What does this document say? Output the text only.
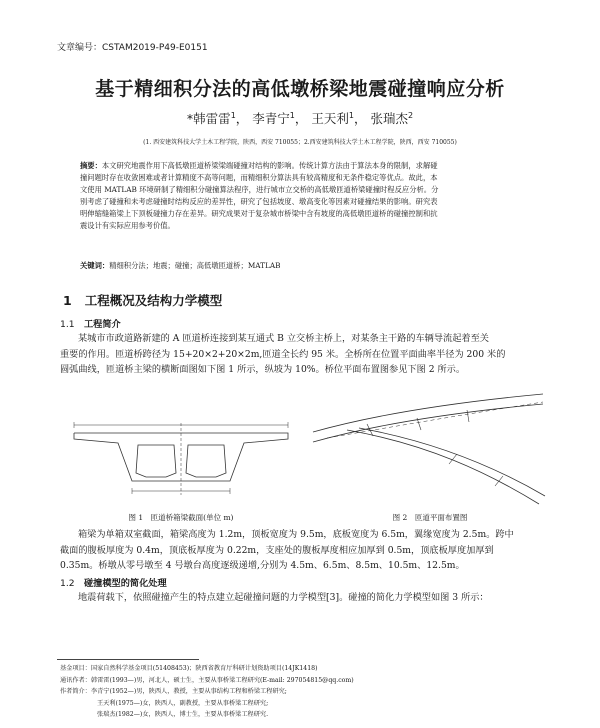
文章编号：CSTAM2019-P49-E0151
基于精细积分法的高低墩桥梁地震碰撞响应分析
*韩雷雷$^1$， 李青宁$^1$， 王天利$^1$， 张瑞杰$^2$
(1. 西安建筑科技大学土木工程学院，陕西，西安 710055；2.西安建筑科技大学土木工程学院，陕西，西安 710055)
摘要：本文研究地震作用下高低墩匝道桥梁梁端碰撞对结构的影响。传统计算方法由于算法本身的限制，求解碰
撞问题时存在收敛困难或者计算精度不高等问题，而精细积分算法具有较高精度和无条件稳定等优点。故此，本
文使用 MATLAB 环境研制了精细积分碰撞算法程序，进行城市立交桥的高低墩匝道桥梁碰撞时程反应分析。分
别考虑了碰撞和未考虑碰撞时结构反应的差异性，研究了包括坡度、墩高变化等因素对碰撞结果的影响。研究表
明伸缩缝箱梁上下顶板碰撞力存在差异。研究成果对于复杂城市桥梁中含有坡度的高低墩匝道桥的碰撞控制和抗
震设计有实际应用参考价值。
关键词：精细积分法；地震；碰撞；高低墩匝道桥；MATLAB
1 工程概况及结构力学模型
1.1 工程简介

某城市市政道路新建的 A 匝道桥连接到某互通式 B 立交桥主桥上，对某条主干路的车辆导流起着至关

重要的作用。匝道桥跨径为 15+20×2+20×2m,匝道全长约 95 米。全桥所在位置平面曲率半径为 200 米的
圆弧曲线，匝道桥主梁的横断面图如下图 1 所示，纵坡为 10%。桥位平面布置图参见下图 2 所示。
图 1　匝道桥箱梁截面(单位 m)	图 2　匝道平面布置图

箱梁为单箱双室截面，箱梁高度为 1.2m，顶板宽度为 9.5m，底板宽度为 6.5m，翼缘宽度为 2.5m。跨中

截面的腹板厚度为 0.4m，顶底板厚度为 0.22m，支座处的腹板厚度相应加厚到 0.5m，顶底板厚度加厚到
0.35m。桥墩从零号墩至 4 号墩台高度逐级递增,分别为 4.5m、6.5m、8.5m、10.5m、12.5m。
1.2 碰撞模型的简化处理

地震荷载下，依照碰撞产生的特点建立起碰撞问题的力学模型[3]。碰撞的简化力学模型如图 3 所示：

基金项目：国家自然科学基金项目(51408453)；陕西省教育厅科研计划资助项目(14JK1418)
通讯作者：韩雷雷(1993—)男，河北人，硕士生，主要从事桥梁工程研究(E-mail: 297054815@qq.com)
作者简介：李青宁(1952—)男，陕西人，教授，主要从事结构工程和桥梁工程研究;
王天利(1975—)女，陕西人，副教授，主要从事桥梁工程研究;
张瑞杰(1982—)女，陕西人，博士生，主要从事桥梁工程研究.
